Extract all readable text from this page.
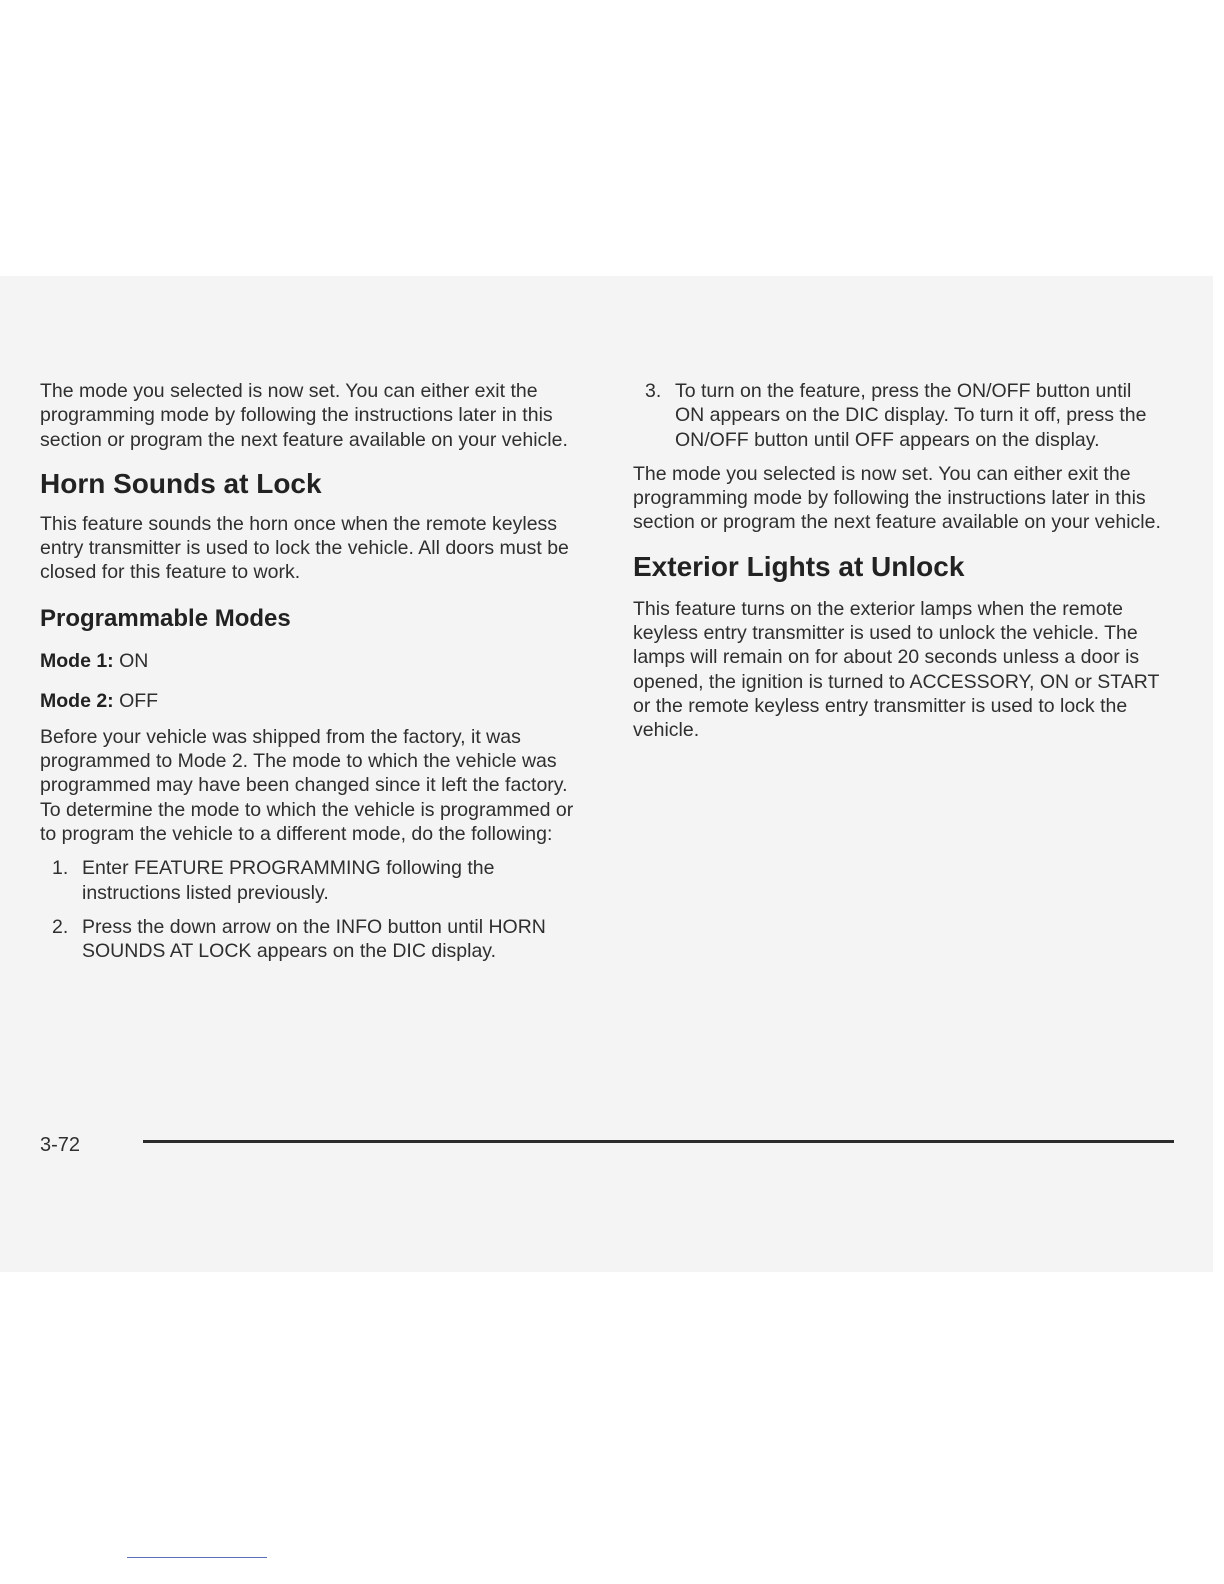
The mode you selected is now set. You can either exit the programming mode by following the instructions later in this section or program the next feature available on your vehicle.

Horn Sounds at Lock

This feature sounds the horn once when the remote keyless entry transmitter is used to lock the vehicle. All doors must be closed for this feature to work.

Programmable Modes
Mode 1: ON
Mode 2: OFF

Before your vehicle was shipped from the factory, it was programmed to Mode 2. The mode to which the vehicle was programmed may have been changed since it left the factory. To determine the mode to which the vehicle is programmed or to program the vehicle to a different mode, do the following:

1. Enter FEATURE PROGRAMMING following the instructions listed previously.
2. Press the down arrow on the INFO button until HORN SOUNDS AT LOCK appears on the DIC display.
3. To turn on the feature, press the ON/OFF button until ON appears on the DIC display. To turn it off, press the ON/OFF button until OFF appears on the display.

The mode you selected is now set. You can either exit the programming mode by following the instructions later in this section or program the next feature available on your vehicle.

Exterior Lights at Unlock

This feature turns on the exterior lamps when the remote keyless entry transmitter is used to unlock the vehicle. The lamps will remain on for about 20 seconds unless a door is opened, the ignition is turned to ACCESSORY, ON or START or the remote keyless entry transmitter is used to lock the vehicle.

3-72
